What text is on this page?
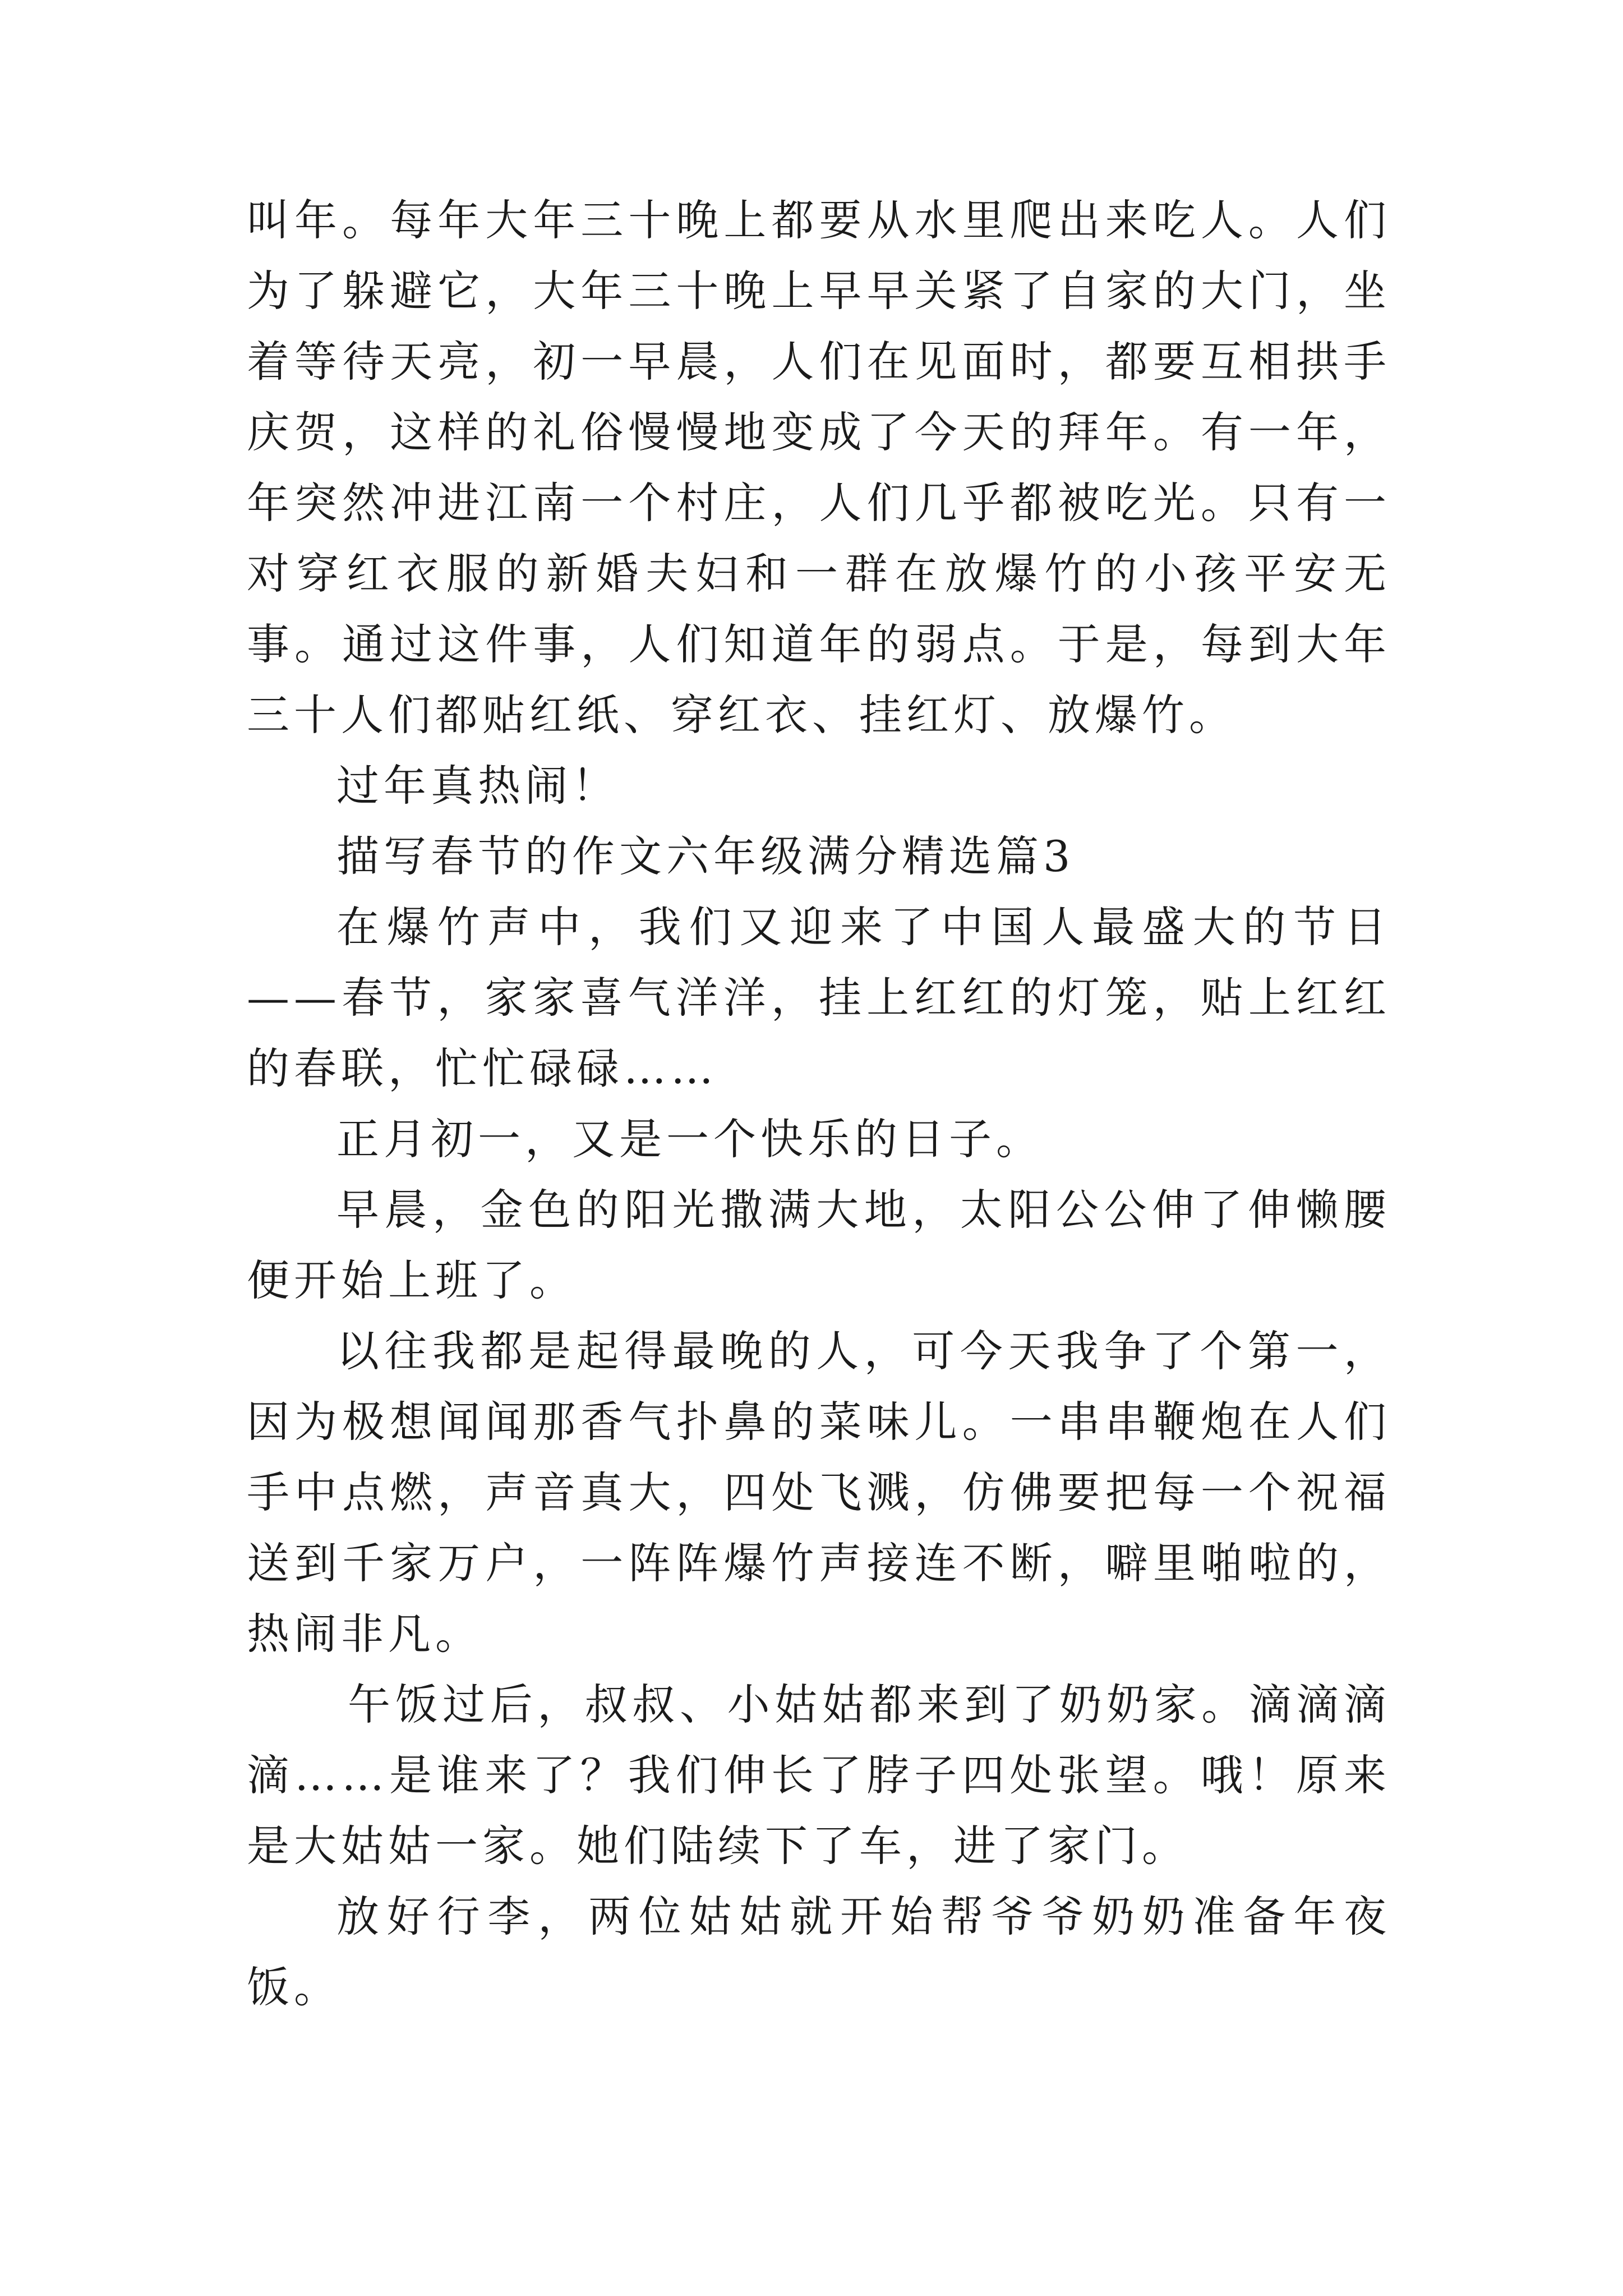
叫年。每年大年三十晚上都要从水里爬出来吃人。人们为了躲避它，大年三十晚上早早关紧了自家的大门，坐着等待天亮，初一早晨，人们在见面时，都要互相拱手庆贺，这样的礼俗慢慢地变成了今天的拜年。有一年，年突然冲进江南一个村庄，人们几乎都被吃光。只有一对穿红衣服的新婚夫妇和一群在放爆竹的小孩平安无事。通过这件事，人们知道年的弱点。于是，每到大年三十人们都贴红纸、穿红衣、挂红灯、放爆竹。

过年真热闹！

描写春节的作文六年级满分精选篇3

在爆竹声中，我们又迎来了中国人最盛大的节日——春节，家家喜气洋洋，挂上红红的灯笼，贴上红红的春联，忙忙碌碌……

正月初一，又是一个快乐的日子。

早晨，金色的阳光撒满大地，太阳公公伸了伸懒腰便开始上班了。

以往我都是起得最晚的人，可今天我争了个第一，因为极想闻闻那香气扑鼻的菜味儿。一串串鞭炮在人们手中点燃，声音真大，四处飞溅，仿佛要把每一个祝福送到千家万户，一阵阵爆竹声接连不断，噼里啪啦的，热闹非凡。

午饭过后，叔叔、小姑姑都来到了奶奶家。滴滴滴滴……是谁来了？我们伸长了脖子四处张望。哦！原来是大姑姑一家。她们陆续下了车，进了家门。

放好行李，两位姑姑就开始帮爷爷奶奶准备年夜饭。
